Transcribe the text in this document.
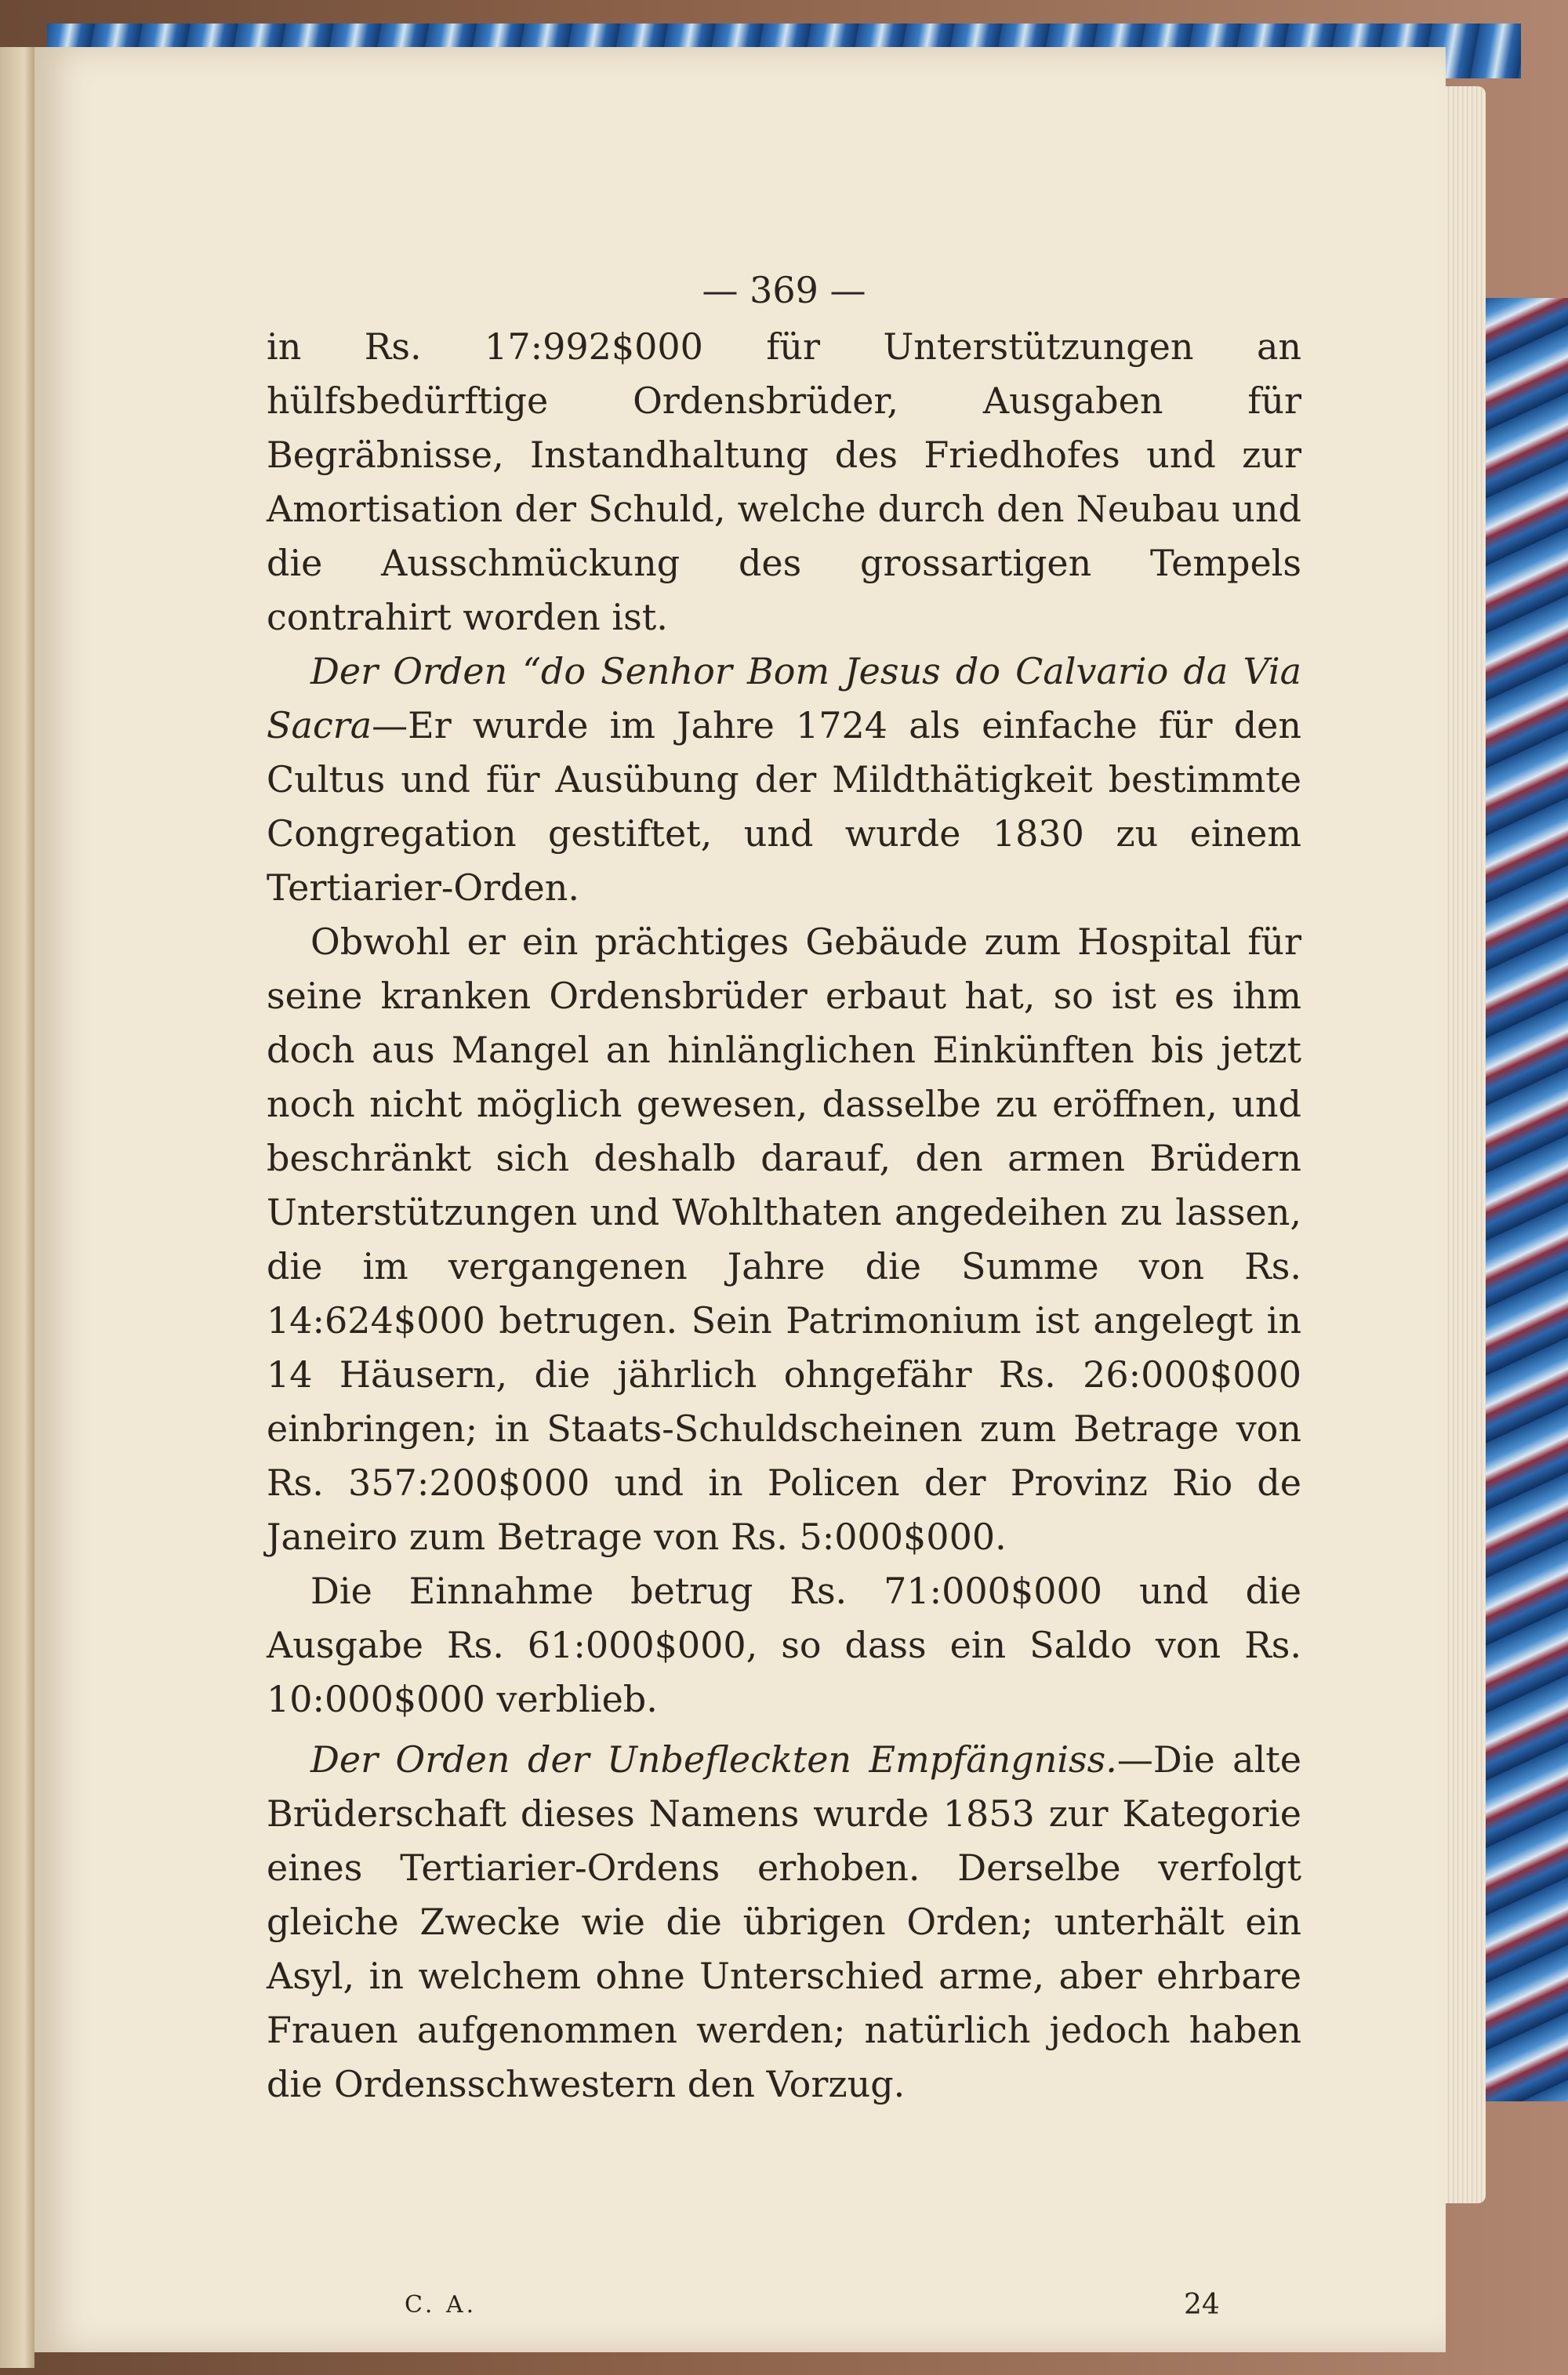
— 369 —

in Rs. 17:992$000 für Unterstützungen an hülfsbedürftige Ordensbrüder, Ausgaben für Begräbnisse, Instandhaltung des Friedhofes und zur Amortisation der Schuld, welche durch den Neubau und die Ausschmückung des grossartigen Tempels contrahirt worden ist.

Der Orden “do Senhor Bom Jesus do Calvario da Via Sacra—Er wurde im Jahre 1724 als einfache für den Cultus und für Ausübung der Mildthätigkeit bestimmte Congregation gestiftet, und wurde 1830 zu einem Tertiarier-Orden.

Obwohl er ein prächtiges Gebäude zum Hospital für seine kranken Ordensbrüder erbaut hat, so ist es ihm doch aus Mangel an hinlänglichen Einkünften bis jetzt noch nicht möglich gewesen, dasselbe zu eröffnen, und beschränkt sich deshalb darauf, den armen Brüdern Unterstützungen und Wohlthaten angedeihen zu lassen, die im vergangenen Jahre die Summe von Rs. 14:624$000 betrugen. Sein Patrimonium ist angelegt in 14 Häusern, die jährlich ohngefähr Rs. 26:000$000 einbringen; in Staats-Schuldscheinen zum Betrage von Rs. 357:200$000 und in Policen der Provinz Rio de Janeiro zum Betrage von Rs. 5:000$000.

Die Einnahme betrug Rs. 71:000$000 und die Ausgabe Rs. 61:000$000, so dass ein Saldo von Rs. 10:000$000 verblieb.

Der Orden der Unbefleckten Empfängniss.—Die alte Brüderschaft dieses Namens wurde 1853 zur Kategorie eines Tertiarier-Ordens erhoben. Derselbe verfolgt gleiche Zwecke wie die übrigen Orden; unterhält ein Asyl, in welchem ohne Unterschied arme, aber ehrbare Frauen aufgenommen werden; natürlich jedoch haben die Ordensschwestern den Vorzug.

C. A.	24
